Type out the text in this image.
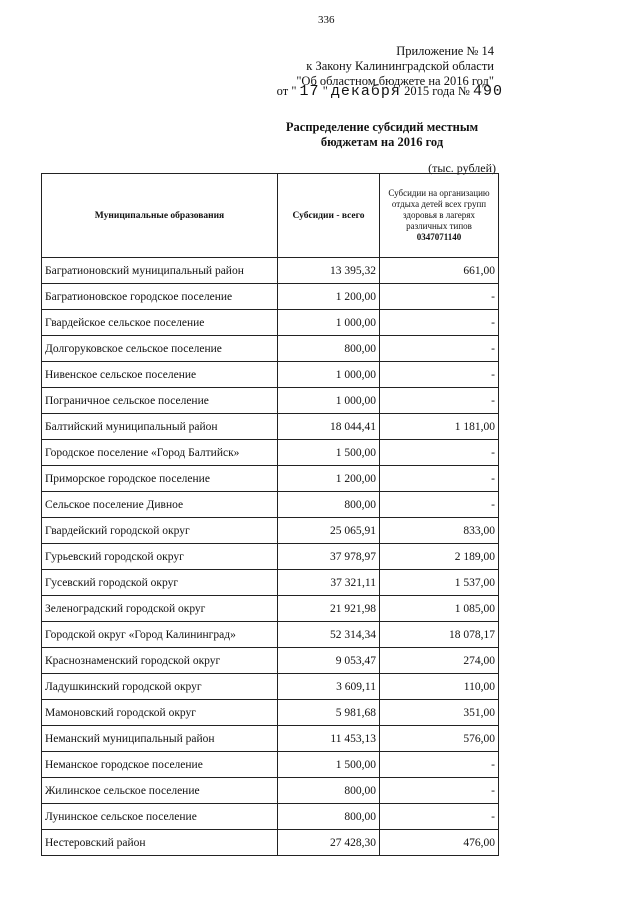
336
Приложение № 14
к Закону Калининградской области
"Об областном бюджете на 2016 год"
от " 17 " декабря 2015 года № 490
Распределение субсидий местным
бюджетам на 2016 год
(тыс. рублей)
Муниципальные образования	Субсидии - всего	Субсидии на организацию отдыха детей всех групп здоровья в лагерях различных типов
0347071140

Багратионовский муниципальный район	13 395,32	661,00
Багратионовское городское поселение	1 200,00	-
Гвардейское сельское поселение	1 000,00	-
Долгоруковское сельское поселение	800,00	-
Нивенское сельское поселение	1 000,00	-
Пограничное сельское поселение	1 000,00	-
Балтийский муниципальный район	18 044,41	1 181,00
Городское поселение «Город Балтийск»	1 500,00	-
Приморское городское поселение	1 200,00	-
Сельское поселение Дивное	800,00	-
Гвардейский городской округ	25 065,91	833,00
Гурьевский городской округ	37 978,97	2 189,00
Гусевский городской округ	37 321,11	1 537,00
Зеленоградский городской округ	21 921,98	1 085,00
Городской округ «Город Калининград»	52 314,34	18 078,17
Краснознаменский городской округ	9 053,47	274,00
Ладушкинский городской округ	3 609,11	110,00
Мамоновский городской округ	5 981,68	351,00
Неманский муниципальный район	11 453,13	576,00
Неманское городское поселение	1 500,00	-
Жилинское сельское поселение	800,00	-
Лунинское сельское поселение	800,00	-
Нестеровский район	27 428,30	476,00
